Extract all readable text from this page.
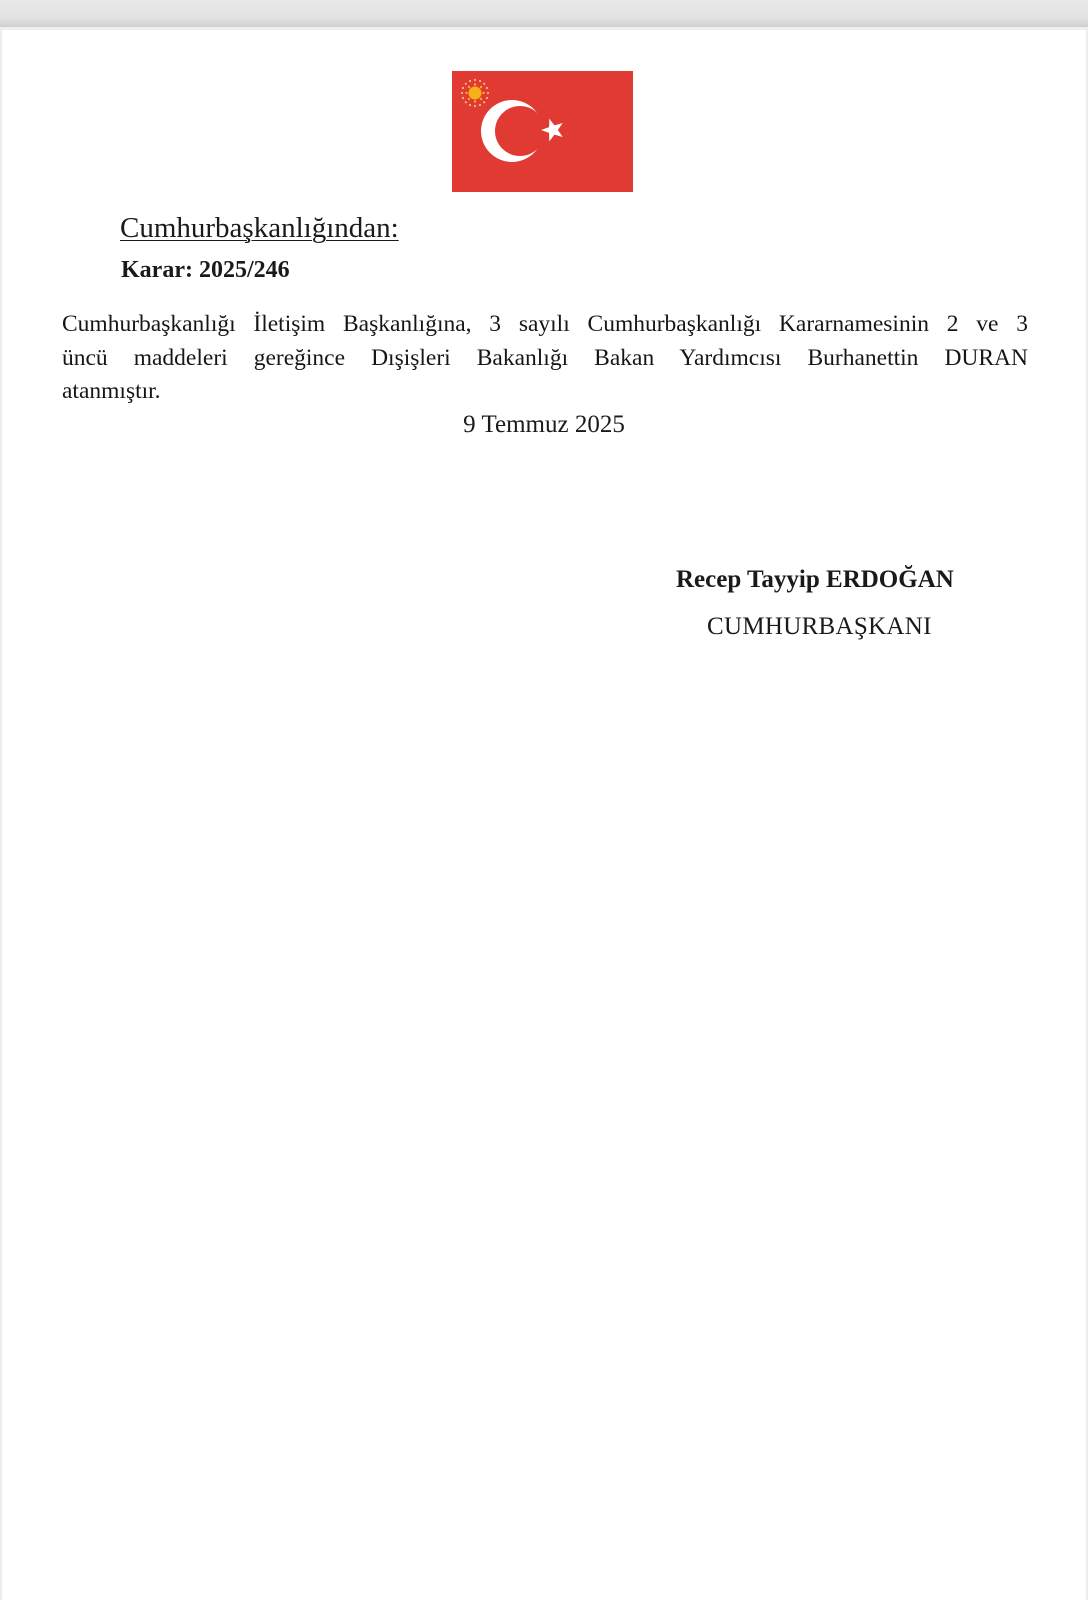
Cumhurbaşkanlığından:
Karar: 2025/246
Cumhurbaşkanlığı İletişim Başkanlığına, 3 sayılı Cumhurbaşkanlığı Kararnamesinin 2 ve 3
üncü maddeleri gereğince Dışişleri Bakanlığı Bakan Yardımcısı Burhanettin DURAN
atanmıştır.
9 Temmuz 2025
Recep Tayyip ERDOĞAN
CUMHURBAŞKANI
